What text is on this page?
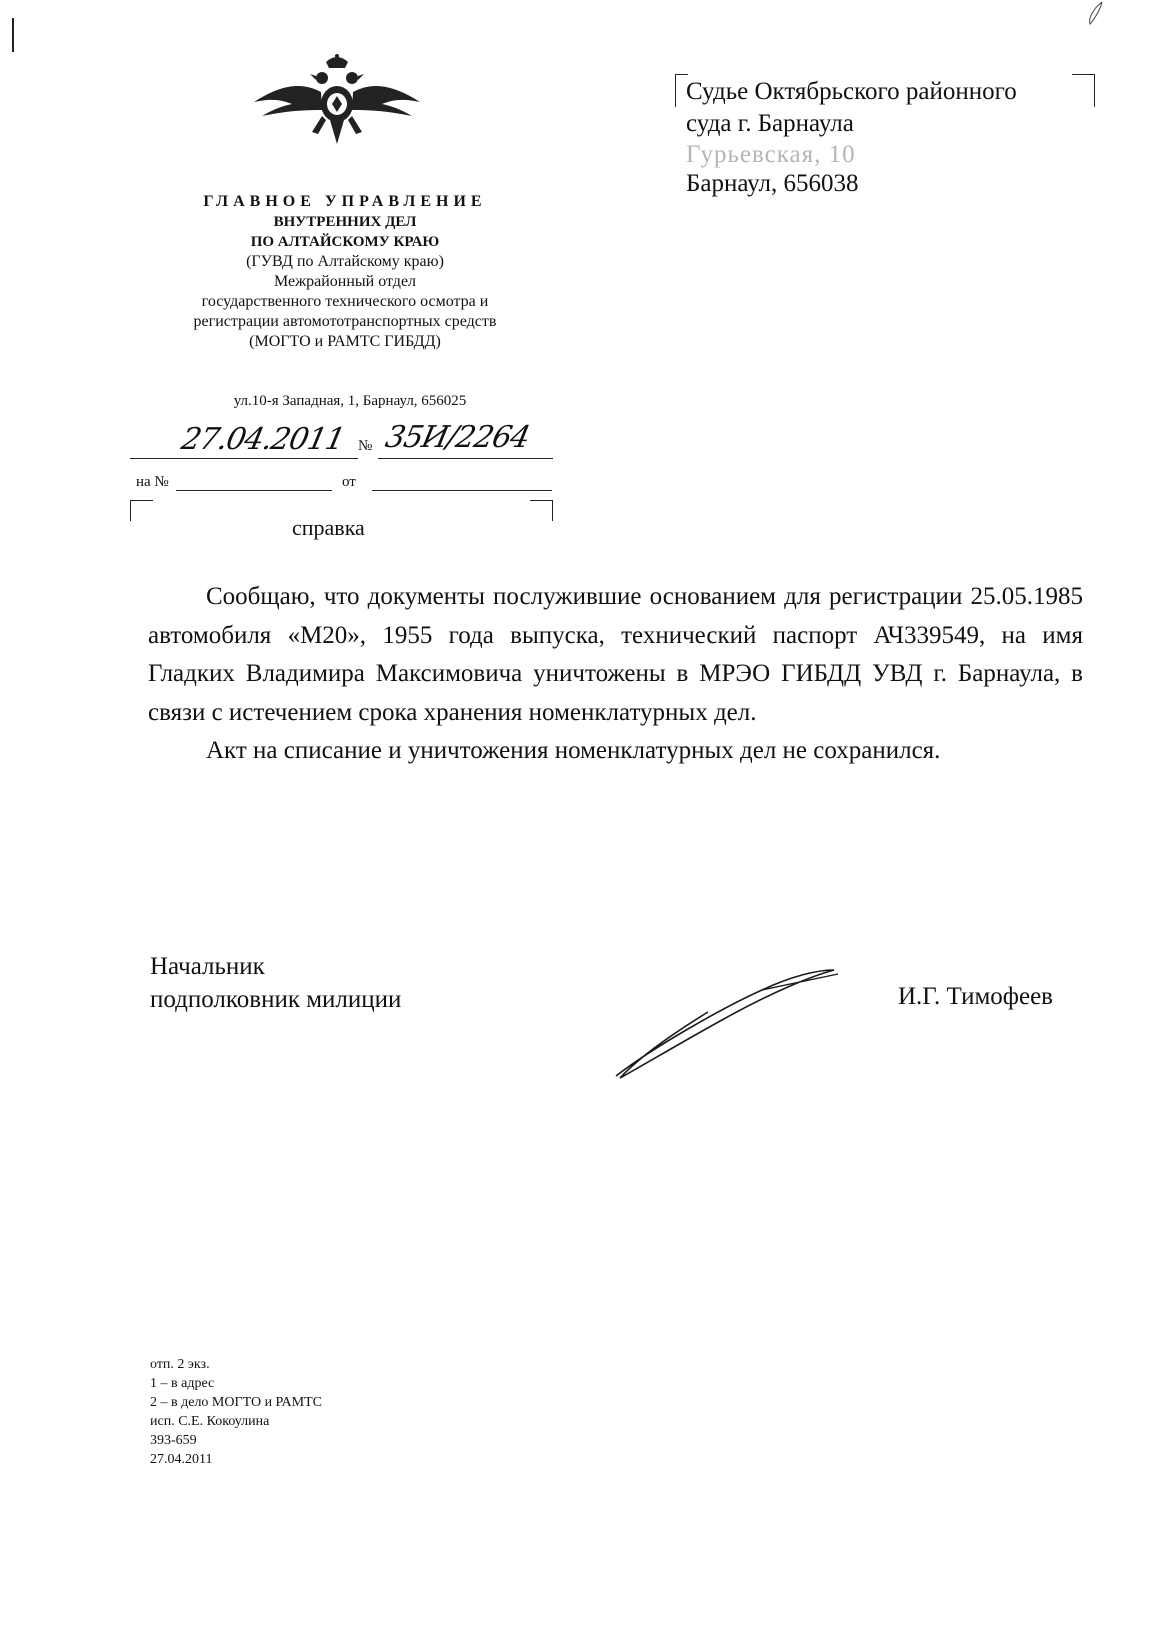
ГЛАВНОЕ УПРАВЛЕНИЕ
ВНУТРЕННИХ ДЕЛ
ПО АЛТАЙСКОМУ КРАЮ
(ГУВД по Алтайскому краю)
Межрайонный отдел
государственного технического осмотра и
регистрации автомототранспортных средств
(МОГТО и РАМТС ГИБДД)
ул.10-я Западная, 1, Барнаул, 656025
27.04.2011 № 35И/2264
на №	от
справка
Судье Октябрьского районного
суда г. Барнаула
Гурьевская, 10
Барнаул, 656038

Сообщаю, что документы послужившие основанием для регистрации 25.05.1985 автомобиля «М20», 1955 года выпуска, технический паспорт АЧ339549, на имя Гладких Владимира Максимовича уничтожены в МРЭО ГИБДД УВД г. Барнаула, в связи с истечением срока хранения номенклатурных дел.

Акт на списание и уничтожения номенклатурных дел не сохранился.

Начальник
подполковник милиции	И.Г. Тимофеев
отп. 2 экз.
1 – в адрес
2 – в дело МОГТО и РАМТС
исп. С.Е. Кокоулина
393-659
27.04.2011
